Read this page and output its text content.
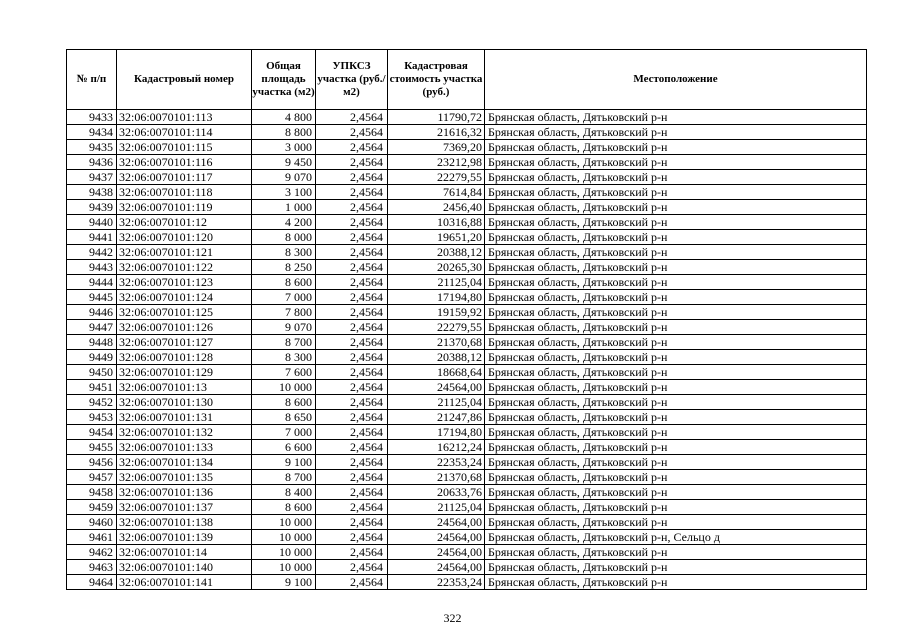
№ п/п	Кадастровый номер	Общая площадь участка (м2)	УПКСЗ участка (руб./м2)	Кадастровая стоимость участка (руб.)	Местоположение
9433	32:06:0070101:113	4 800	2,4564	11790,72	Брянская область, Дятьковский р-н
9434	32:06:0070101:114	8 800	2,4564	21616,32	Брянская область, Дятьковский р-н
9435	32:06:0070101:115	3 000	2,4564	7369,20	Брянская область, Дятьковский р-н
9436	32:06:0070101:116	9 450	2,4564	23212,98	Брянская область, Дятьковский р-н
9437	32:06:0070101:117	9 070	2,4564	22279,55	Брянская область, Дятьковский р-н
9438	32:06:0070101:118	3 100	2,4564	7614,84	Брянская область, Дятьковский р-н
9439	32:06:0070101:119	1 000	2,4564	2456,40	Брянская область, Дятьковский р-н
9440	32:06:0070101:12	4 200	2,4564	10316,88	Брянская область, Дятьковский р-н
9441	32:06:0070101:120	8 000	2,4564	19651,20	Брянская область, Дятьковский р-н
9442	32:06:0070101:121	8 300	2,4564	20388,12	Брянская область, Дятьковский р-н
9443	32:06:0070101:122	8 250	2,4564	20265,30	Брянская область, Дятьковский р-н
9444	32:06:0070101:123	8 600	2,4564	21125,04	Брянская область, Дятьковский р-н
9445	32:06:0070101:124	7 000	2,4564	17194,80	Брянская область, Дятьковский р-н
9446	32:06:0070101:125	7 800	2,4564	19159,92	Брянская область, Дятьковский р-н
9447	32:06:0070101:126	9 070	2,4564	22279,55	Брянская область, Дятьковский р-н
9448	32:06:0070101:127	8 700	2,4564	21370,68	Брянская область, Дятьковский р-н
9449	32:06:0070101:128	8 300	2,4564	20388,12	Брянская область, Дятьковский р-н
9450	32:06:0070101:129	7 600	2,4564	18668,64	Брянская область, Дятьковский р-н
9451	32:06:0070101:13	10 000	2,4564	24564,00	Брянская область, Дятьковский р-н
9452	32:06:0070101:130	8 600	2,4564	21125,04	Брянская область, Дятьковский р-н
9453	32:06:0070101:131	8 650	2,4564	21247,86	Брянская область, Дятьковский р-н
9454	32:06:0070101:132	7 000	2,4564	17194,80	Брянская область, Дятьковский р-н
9455	32:06:0070101:133	6 600	2,4564	16212,24	Брянская область, Дятьковский р-н
9456	32:06:0070101:134	9 100	2,4564	22353,24	Брянская область, Дятьковский р-н
9457	32:06:0070101:135	8 700	2,4564	21370,68	Брянская область, Дятьковский р-н
9458	32:06:0070101:136	8 400	2,4564	20633,76	Брянская область, Дятьковский р-н
9459	32:06:0070101:137	8 600	2,4564	21125,04	Брянская область, Дятьковский р-н
9460	32:06:0070101:138	10 000	2,4564	24564,00	Брянская область, Дятьковский р-н
9461	32:06:0070101:139	10 000	2,4564	24564,00	Брянская область, Дятьковский р-н, Сельцо д
9462	32:06:0070101:14	10 000	2,4564	24564,00	Брянская область, Дятьковский р-н
9463	32:06:0070101:140	10 000	2,4564	24564,00	Брянская область, Дятьковский р-н
9464	32:06:0070101:141	9 100	2,4564	22353,24	Брянская область, Дятьковский р-н
322
